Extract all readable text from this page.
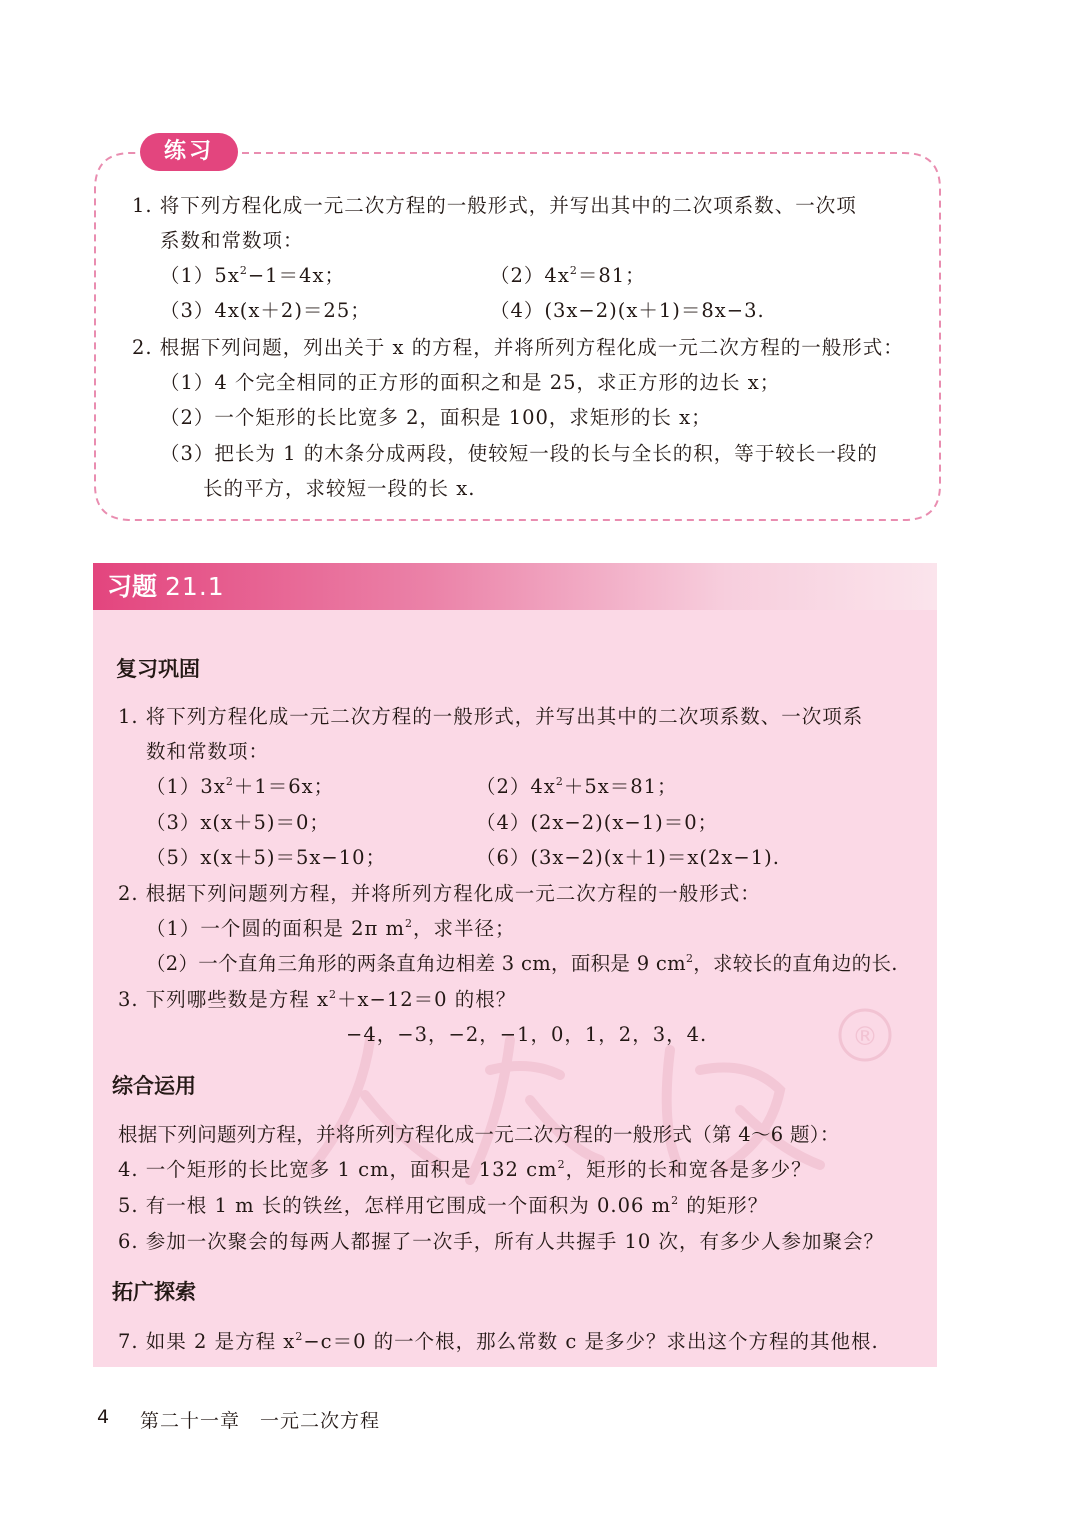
练习
1. 将下列方程化成一元二次方程的一般形式，并写出其中的二次项系数、一次项
系数和常数项：
$(1)5x^2-1=4x$；	$(2)4x^2=81$；
（3）4x(x＋2)＝25；	（4）(3x−2)(x＋1)＝8x−3.
2. 根据下列问题，列出关于 x 的方程，并将所列方程化成一元二次方程的一般形式：
（1）4 个完全相同的正方形的面积之和是 25，求正方形的边长 x；
（2）一个矩形的长比宽多 2，面积是 100，求矩形的长 x；
（3）把长为 1 的木条分成两段，使较短一段的长与全长的积，等于较长一段的
长的平方，求较短一段的长 x.
习题 21.1
®
复习巩固
1. 将下列方程化成一元二次方程的一般形式，并写出其中的二次项系数、一次项系
数和常数项：
$(1)3x^2+1=6x$；	$(2)4x^2+5x=81$；
（3）x(x＋5)＝0；	（4）(2x−2)(x−1)＝0；
（5）x(x＋5)＝5x−10；	（6）(3x−2)(x＋1)＝x(2x−1).
2. 根据下列问题列方程，并将所列方程化成一元二次方程的一般形式：
（1）一个圆的面积是 2π $m^2$，求半径；
（2）一个直角三角形的两条直角边相差 3 cm，面积是 9 $cm^2$，求较长的直角边的长.
3. 下列哪些数是方程 $x^2+x-12=0$ 的根？
−4，−3，−2，−1，0，1，2，3，4.
综合运用
根据下列问题列方程，并将所列方程化成一元二次方程的一般形式（第 4～6 题）：
4. 一个矩形的长比宽多 1 cm，面积是 132 $cm^2$，矩形的长和宽各是多少？
5. 有一根 1 m 长的铁丝，怎样用它围成一个面积为 0.06 $m^2$ 的矩形？
6. 参加一次聚会的每两人都握了一次手，所有人共握手 10 次，有多少人参加聚会？
拓广探索
7. 如果 2 是方程 $x^2-c=0$ 的一个根，那么常数 c 是多少？求出这个方程的其他根.
4 第二十一章　一元二次方程
